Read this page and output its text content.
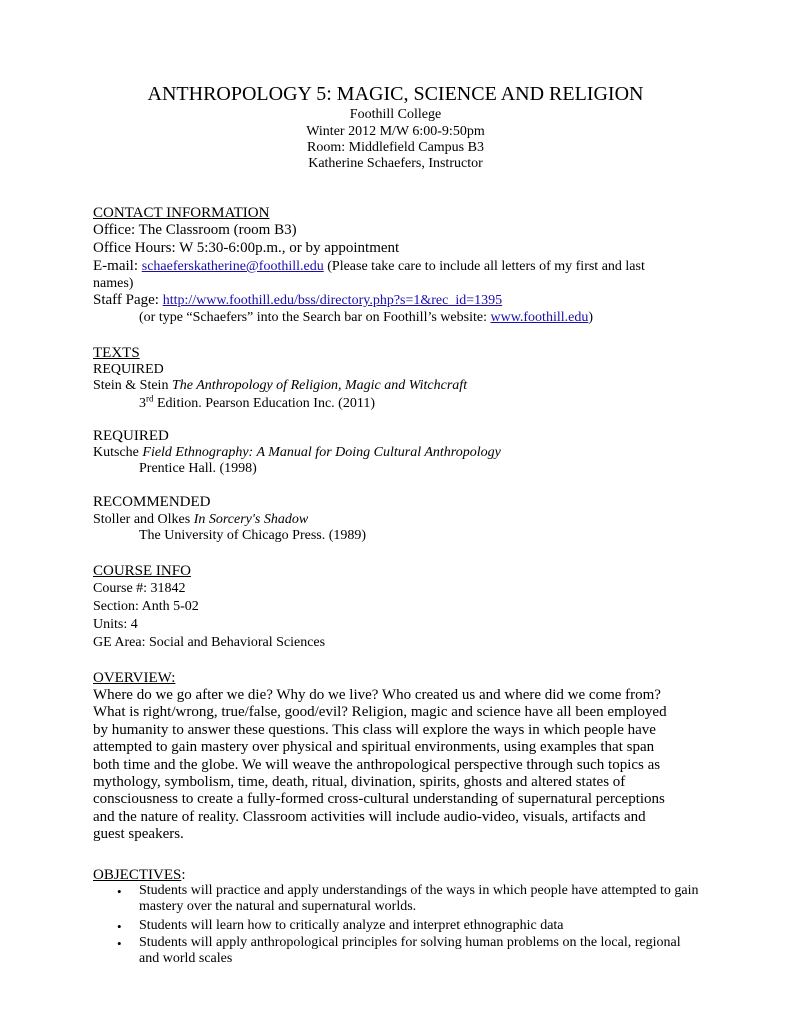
ANTHROPOLOGY 5: MAGIC, SCIENCE AND RELIGION
Foothill College
Winter 2012 M/W 6:00-9:50pm
Room: Middlefield Campus B3
Katherine Schaefers, Instructor
CONTACT INFORMATION
Office: The Classroom (room B3)
Office Hours: W 5:30-6:00p.m., or by appointment
E-mail: schaeferskatherine@foothill.edu (Please take care to include all letters of my first and last
names)
Staff Page: http://www.foothill.edu/bss/directory.php?s=1&rec_id=1395
(or type “Schaefers” into the Search bar on Foothill’s website: www.foothill.edu)
TEXTS
REQUIRED
Stein & Stein The Anthropology of Religion, Magic and Witchcraft
3rd Edition. Pearson Education Inc. (2011)
REQUIRED
Kutsche Field Ethnography: A Manual for Doing Cultural Anthropology
Prentice Hall. (1998)
RECOMMENDED
Stoller and Olkes In Sorcery's Shadow
The University of Chicago Press. (1989)
COURSE INFO
Course #: 31842
Section: Anth 5-02
Units: 4
GE Area: Social and Behavioral Sciences
OVERVIEW:
Where do we go after we die? Why do we live? Who created us and where did we come from?
What is right/wrong, true/false, good/evil? Religion, magic and science have all been employed
by humanity to answer these questions. This class will explore the ways in which people have
attempted to gain mastery over physical and spiritual environments, using examples that span
both time and the globe. We will weave the anthropological perspective through such topics as
mythology, symbolism, time, death, ritual, divination, spirits, ghosts and altered states of
consciousness to create a fully-formed cross-cultural understanding of supernatural perceptions
and the nature of reality. Classroom activities will include audio-video, visuals, artifacts and
guest speakers.
OBJECTIVES:
• Students will practice and apply understandings of the ways in which people have attempted to gain mastery over the natural and supernatural worlds.
• Students will learn how to critically analyze and interpret ethnographic data
• Students will apply anthropological principles for solving human problems on the local, regional and world scales
